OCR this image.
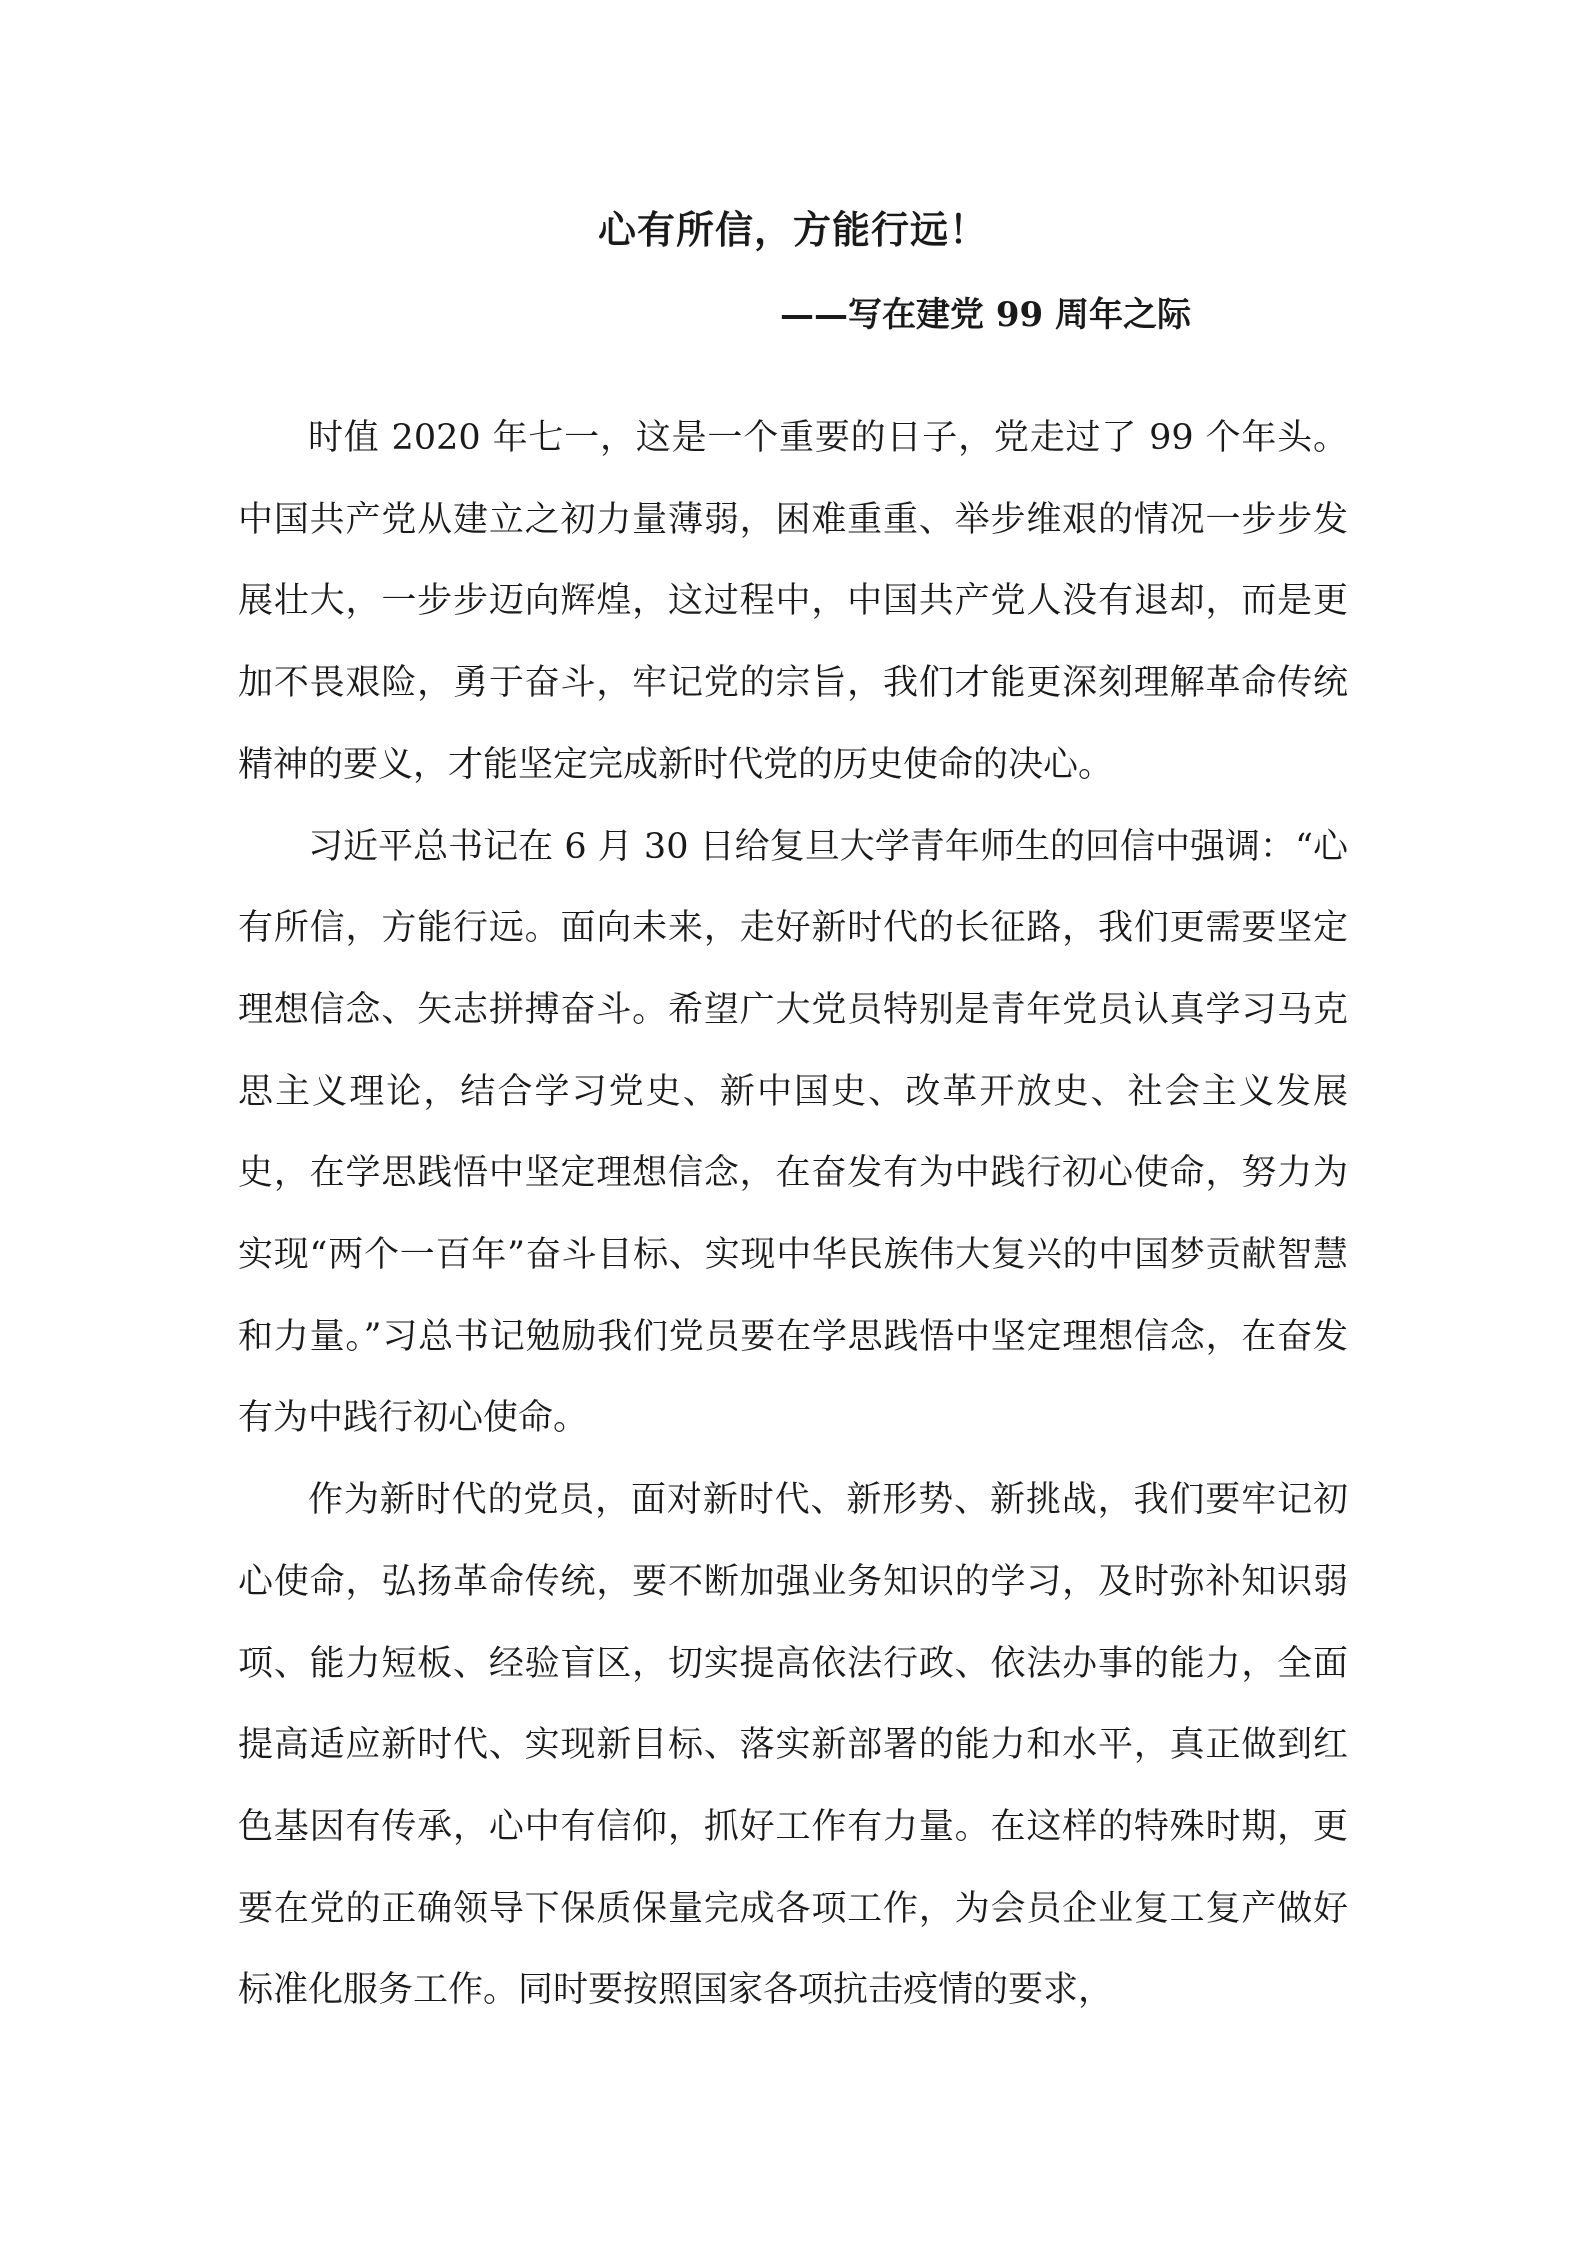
心有所信，方能行远！
——写在建党 99 周年之际

时值 2020 年七一，这是一个重要的日子，党走过了 99 个年头。中国共产党从建立之初力量薄弱，困难重重、举步维艰的情况一步步发展壮大，一步步迈向辉煌，这过程中，中国共产党人没有退却，而是更加不畏艰险，勇于奋斗，牢记党的宗旨，我们才能更深刻理解革命传统精神的要义，才能坚定完成新时代党的历史使命的决心。

习近平总书记在 6 月 30 日给复旦大学青年师生的回信中强调：“心有所信，方能行远。面向未来，走好新时代的长征路，我们更需要坚定理想信念、矢志拼搏奋斗。希望广大党员特别是青年党员认真学习马克思主义理论，结合学习党史、新中国史、改革开放史、社会主义发展史，在学思践悟中坚定理想信念，在奋发有为中践行初心使命，努力为实现“两个一百年”奋斗目标、实现中华民族伟大复兴的中国梦贡献智慧和力量。”习总书记勉励我们党员要在学思践悟中坚定理想信念，在奋发有为中践行初心使命。

作为新时代的党员，面对新时代、新形势、新挑战，我们要牢记初心使命，弘扬革命传统，要不断加强业务知识的学习，及时弥补知识弱项、能力短板、经验盲区，切实提高依法行政、依法办事的能力，全面提高适应新时代、实现新目标、落实新部署的能力和水平，真正做到红色基因有传承，心中有信仰，抓好工作有力量。在这样的特殊时期，更要在党的正确领导下保质保量完成各项工作，为会员企业复工复产做好标准化服务工作。同时要按照国家各项抗击疫情的要求，
